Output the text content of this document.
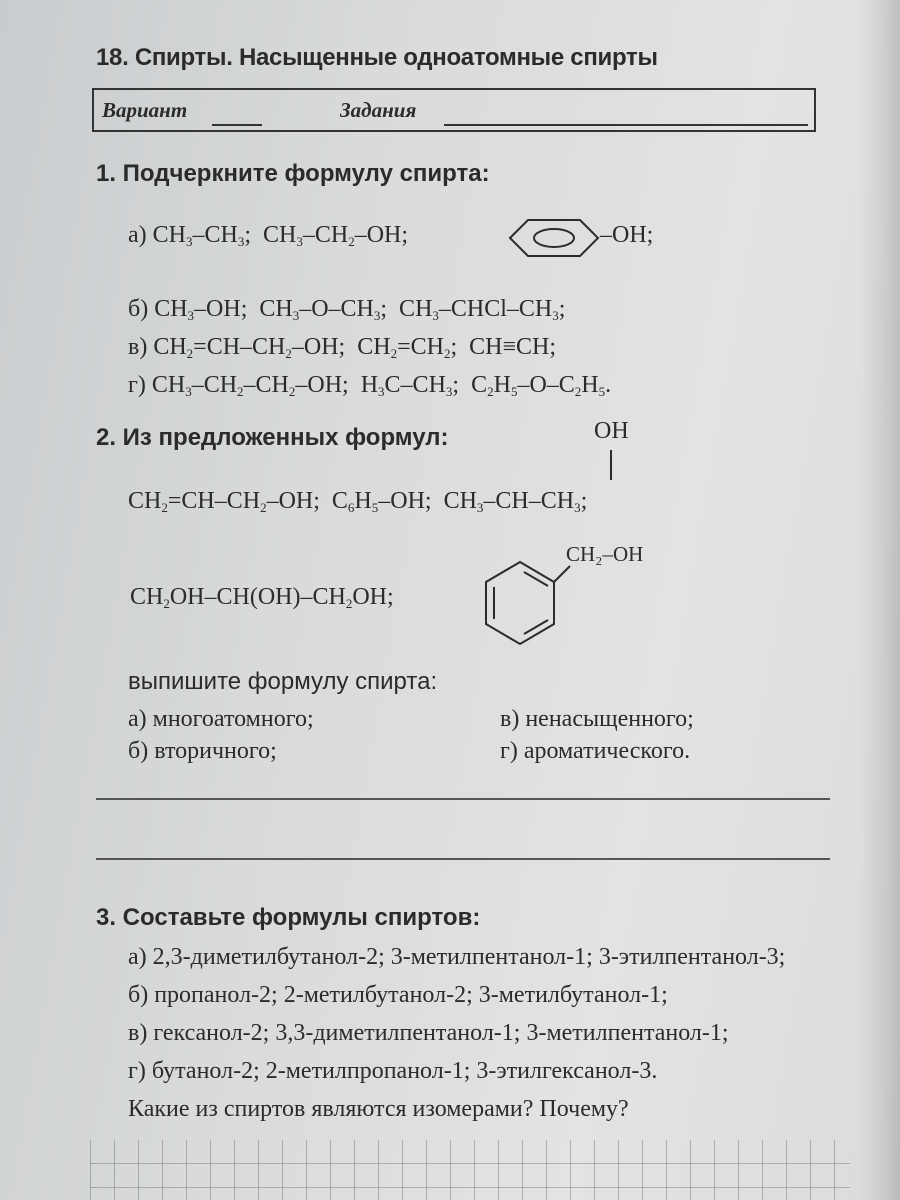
18. Спирты. Насыщенные одноатомные спирты
Вариант	Задания
1. Подчеркните формулу спирта:
а) $CH_3-CH_3$;  $CH_3-CH_2-OH$;	–OH;
б) $CH_3-OH$;  $CH_3-O-CH_3$;  $CH_3-CHCl-CH_3$;
в) $CH_2=CH-CH_2-OH$;  $CH_2=CH_2$;  CH≡CH;
г) $CH_3-CH_2-CH_2-OH$;  $H_3C-CH_3$;  $C_2H_5-O-C_2H_5$.
2. Из предложенных формул:	OH
$CH_2=CH-CH_2-OH$;  $C_6H_5-OH$;  $CH_3-CH-CH_3$;
$CH_2OH-CH(OH)-CH_2OH$;
CH₂–OH
выпишите формулу спирта:
а) многоатомного;
б) вторичного;
в) ненасыщенного;
г) ароматического.
3. Составьте формулы спиртов:
а) 2,3-диметилбутанол-2; 3-метилпентанол-1; 3-этилпентанол-3;
б) пропанол-2; 2-метилбутанол-2; 3-метилбутанол-1;
в) гексанол-2; 3,3-диметилпентанол-1; 3-метилпентанол-1;
г) бутанол-2; 2-метилпропанол-1; 3-этилгексанол-3.
Какие из спиртов являются изомерами? Почему?
